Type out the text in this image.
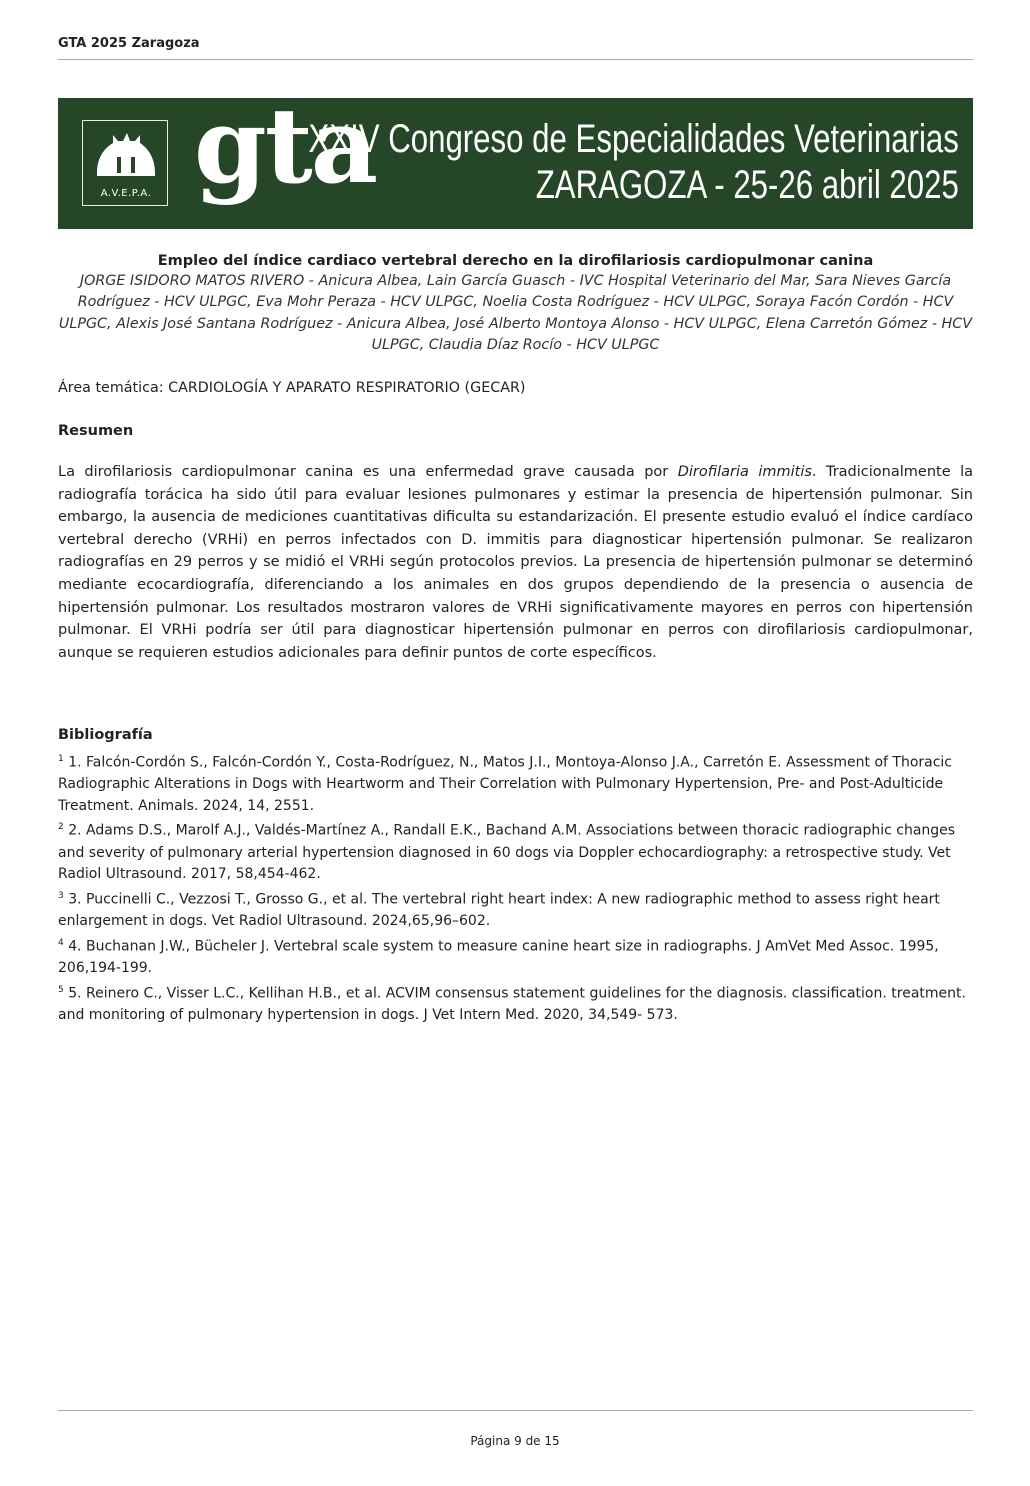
GTA 2025 Zaragoza
A.V.E.P.A. gta
XXIV Congreso de Especialidades Veterinarias
ZARAGOZA - 25-26 abril 2025
Empleo del índice cardiaco vertebral derecho en la dirofilariosis cardiopulmonar canina
JORGE ISIDORO MATOS RIVERO - Anicura Albea, Lain García Guasch - IVC Hospital Veterinario del Mar, Sara Nieves García Rodríguez - HCV ULPGC, Eva Mohr Peraza - HCV ULPGC, Noelia Costa Rodríguez - HCV ULPGC, Soraya Facón Cordón - HCV ULPGC, Alexis José Santana Rodríguez - Anicura Albea, José Alberto Montoya Alonso - HCV ULPGC, Elena Carretón Gómez - HCV ULPGC, Claudia Díaz Rocío - HCV ULPGC
Área temática: CARDIOLOGÍA Y APARATO RESPIRATORIO (GECAR)
Resumen
La dirofilariosis cardiopulmonar canina es una enfermedad grave causada por Dirofilaria immitis. Tradicionalmente la radiografía torácica ha sido útil para evaluar lesiones pulmonares y estimar la presencia de hipertensión pulmonar. Sin embargo, la ausencia de mediciones cuantitativas dificulta su estandarización. El presente estudio evaluó el índice cardíaco vertebral derecho (VRHi) en perros infectados con D. immitis para diagnosticar hipertensión pulmonar. Se realizaron radiografías en 29 perros y se midió el VRHi según protocolos previos. La presencia de hipertensión pulmonar se determinó mediante ecocardiografía, diferenciando a los animales en dos grupos dependiendo de la presencia o ausencia de hipertensión pulmonar. Los resultados mostraron valores de VRHi significativamente mayores en perros con hipertensión pulmonar. El VRHi podría ser útil para diagnosticar hipertensión pulmonar en perros con dirofilariosis cardiopulmonar, aunque se requieren estudios adicionales para definir puntos de corte específicos.
Bibliografía

$^1$ 1. Falcón-Cordón S., Falcón-Cordón Y., Costa-Rodríguez, N., Matos J.I., Montoya-Alonso J.A., Carretón E. Assessment of Thoracic Radiographic Alterations in Dogs with Heartworm and Their Correlation with Pulmonary Hypertension, Pre- and Post-Adulticide Treatment. Animals. 2024, 14, 2551.

$^2$ 2. Adams D.S., Marolf A.J., Valdés-Martínez A., Randall E.K., Bachand A.M. Associations between thoracic radiographic changes and severity of pulmonary arterial hypertension diagnosed in 60 dogs via Doppler echocardiography: a retrospective study. Vet Radiol Ultrasound. 2017, 58,454-462.

$^3$ 3. Puccinelli C., Vezzosi T., Grosso G., et al. The vertebral right heart index: A new radiographic method to assess right heart enlargement in dogs. Vet Radiol Ultrasound. 2024,65,96–602.

$^4$ 4. Buchanan J.W., Bücheler J. Vertebral scale system to measure canine heart size in radiographs. J AmVet Med Assoc. 1995, 206,194-199.

$^5$ 5. Reinero C., Visser L.C., Kellihan H.B., et al. ACVIM consensus statement guidelines for the diagnosis. classification. treatment. and monitoring of pulmonary hypertension in dogs. J Vet Intern Med. 2020, 34,549- 573.

Página 9 de 15
